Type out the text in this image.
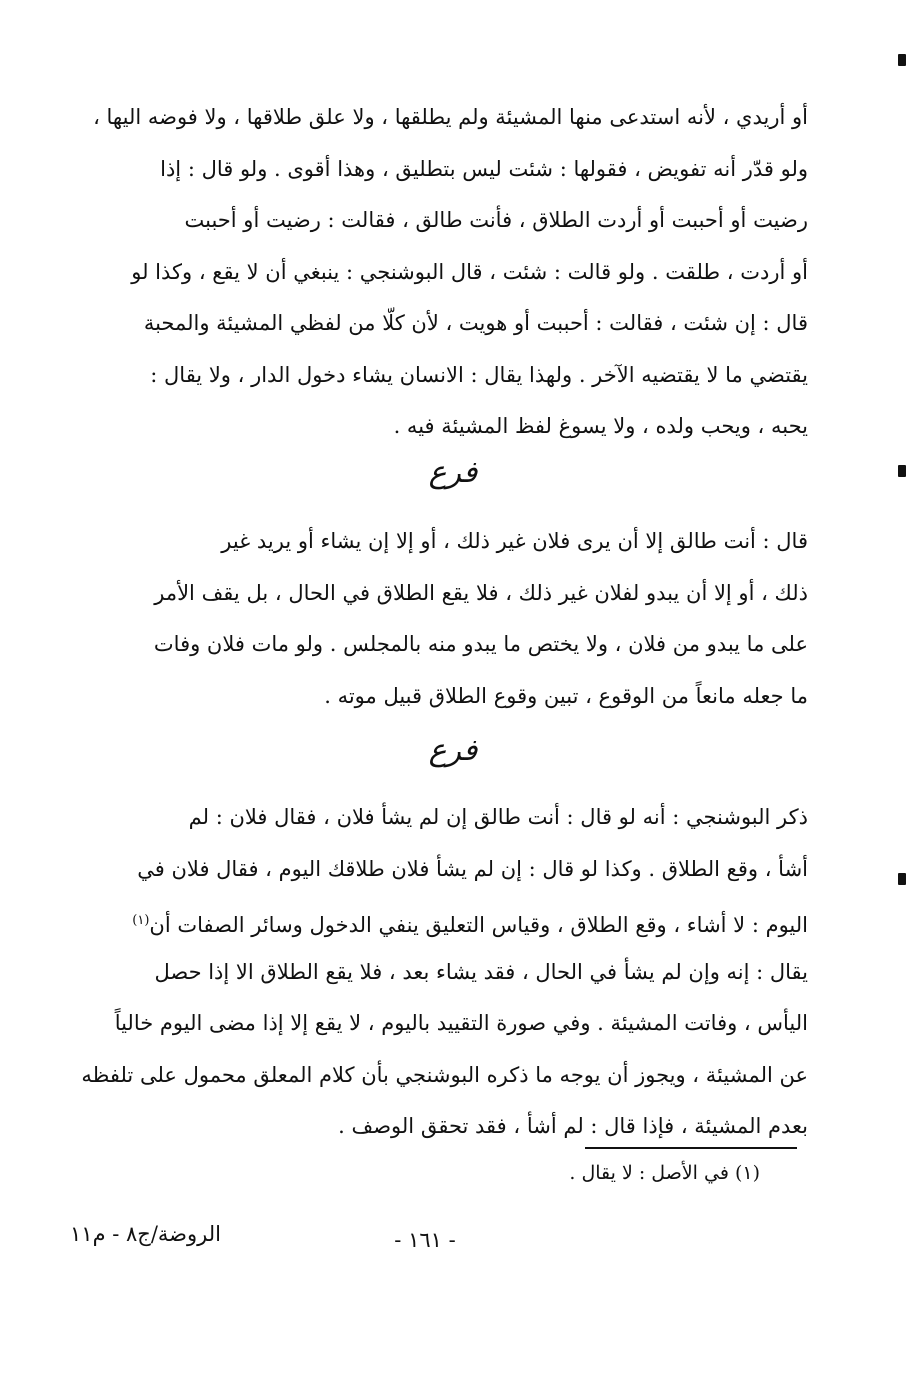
أو أريدي ، لأنه استدعى منها المشيئة ولم يطلقها ، ولا علق طلاقها ، ولا فوضه اليها ،
ولو قدّر أنه تفويض ، فقولها : شئت ليس بتطليق ، وهذا أقوى . ولو قال : إذا
رضيت أو أحببت أو أردت الطلاق ، فأنت طالق ، فقالت : رضيت أو أحببت
أو أردت ، طلقت . ولو قالت : شئت ، قال البوشنجي : ينبغي أن لا يقع ، وكذا لو
قال : إن شئت ، فقالت : أحببت أو هويت ، لأن كلّا من لفظي المشيئة والمحبة
يقتضي ما لا يقتضيه الآخر . ولهذا يقال : الانسان يشاء دخول الدار ، ولا يقال :
يحبه ، ويحب ولده ، ولا يسوغ لفظ المشيئة فيه .
فرع
قال : أنت طالق إلا أن يرى فلان غير ذلك ، أو إلا إن يشاء أو يريد غير
ذلك ، أو إلا أن يبدو لفلان غير ذلك ، فلا يقع الطلاق في الحال ، بل يقف الأمر
على ما يبدو من فلان ، ولا يختص ما يبدو منه بالمجلس . ولو مات فلان وفات
ما جعله مانعاً من الوقوع ، تبين وقوع الطلاق قبيل موته .
فرع
ذكر البوشنجي : أنه لو قال : أنت طالق إن لم يشأ فلان ، فقال فلان : لم
أشأ ، وقع الطلاق . وكذا لو قال : إن لم يشأ فلان طلاقك اليوم ، فقال فلان في
اليوم : لا أشاء ، وقع الطلاق ، وقياس التعليق ينفي الدخول وسائر الصفات أن$^{(١)}$
يقال : إنه وإن لم يشأ في الحال ، فقد يشاء بعد ، فلا يقع الطلاق الا إذا حصل
اليأس ، وفاتت المشيئة . وفي صورة التقييد باليوم ، لا يقع إلا إذا مضى اليوم خالياً
عن المشيئة ، ويجوز أن يوجه ما ذكره البوشنجي بأن كلام المعلق محمول على تلفظه
بعدم المشيئة ، فإذا قال : لم أشأ ، فقد تحقق الوصف .
(١) في الأصل : لا يقال .
الروضة/ج٨ - م١١	- ١٦١ -
